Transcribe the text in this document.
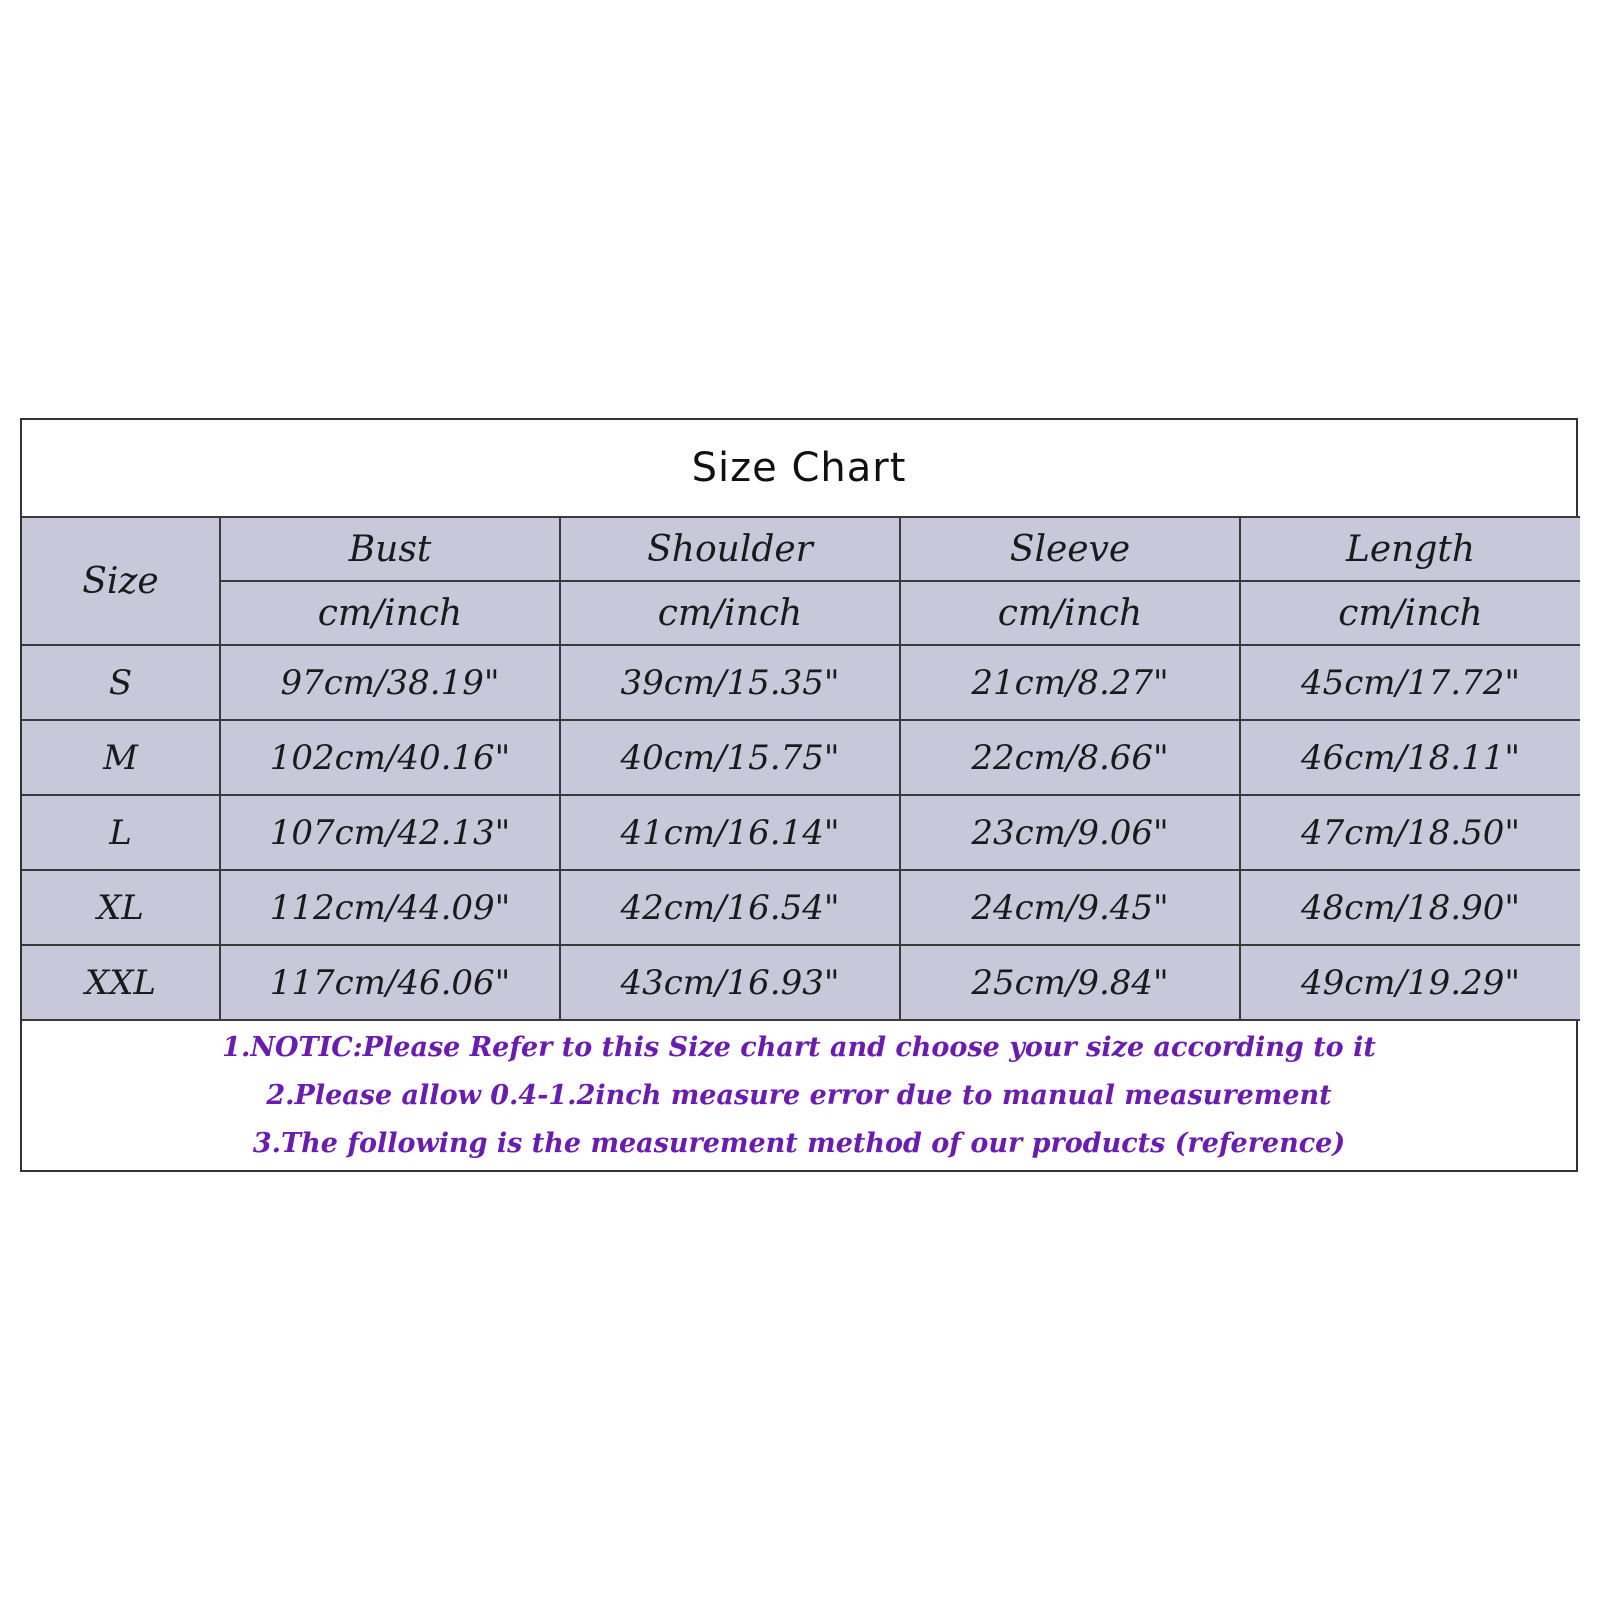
Size Chart
Size	Bust	Shoulder	Sleeve	Length
	cm/inch	cm/inch	cm/inch	cm/inch
S	97cm/38.19"	39cm/15.35"	21cm/8.27"	45cm/17.72"
M	102cm/40.16"	40cm/15.75"	22cm/8.66"	46cm/18.11"
L	107cm/42.13"	41cm/16.14"	23cm/9.06"	47cm/18.50"
XL	112cm/44.09"	42cm/16.54"	24cm/9.45"	48cm/18.90"
XXL	117cm/46.06"	43cm/16.93"	25cm/9.84"	49cm/19.29"
1.NOTIC:Please Refer to this Size chart and choose your size according to it
2.Please allow 0.4-1.2inch measure error due to manual measurement
3.The following is the measurement method of our products (reference)
